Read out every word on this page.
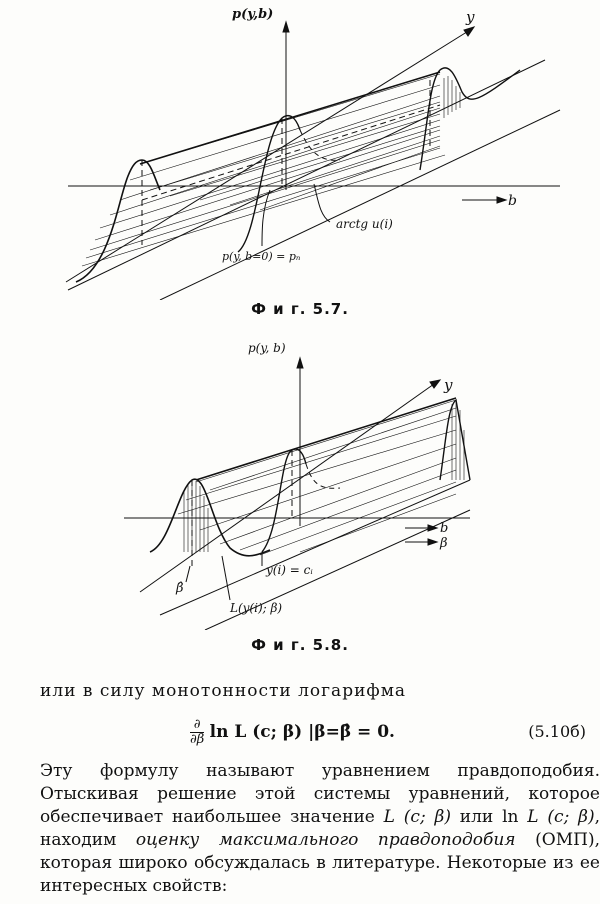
p(y,b)	y
b
arctg u(i)
p(y, b=0) = pₙ
Ф и г. 5.7.
p(y, b)
y
b
β
β̂
y(i) = cᵢ
L(y(i); β)
Ф и г. 5.8.
или в силу монотонности логарифма
$\frac{\partial}{\partial\beta}$ ln L (c; β) |β=β̂ = 0.	(5.10б)
Эту формулу называют уравнением правдоподобия. Отыскивая решение этой системы уравнений, которое обеспечивает наибольшее значение L (c; β) или ln L (c; β), находим оценку максимального правдоподобия (ОМП), которая широко обсуждалась в литературе. Некоторые из ее интересных свойств:
